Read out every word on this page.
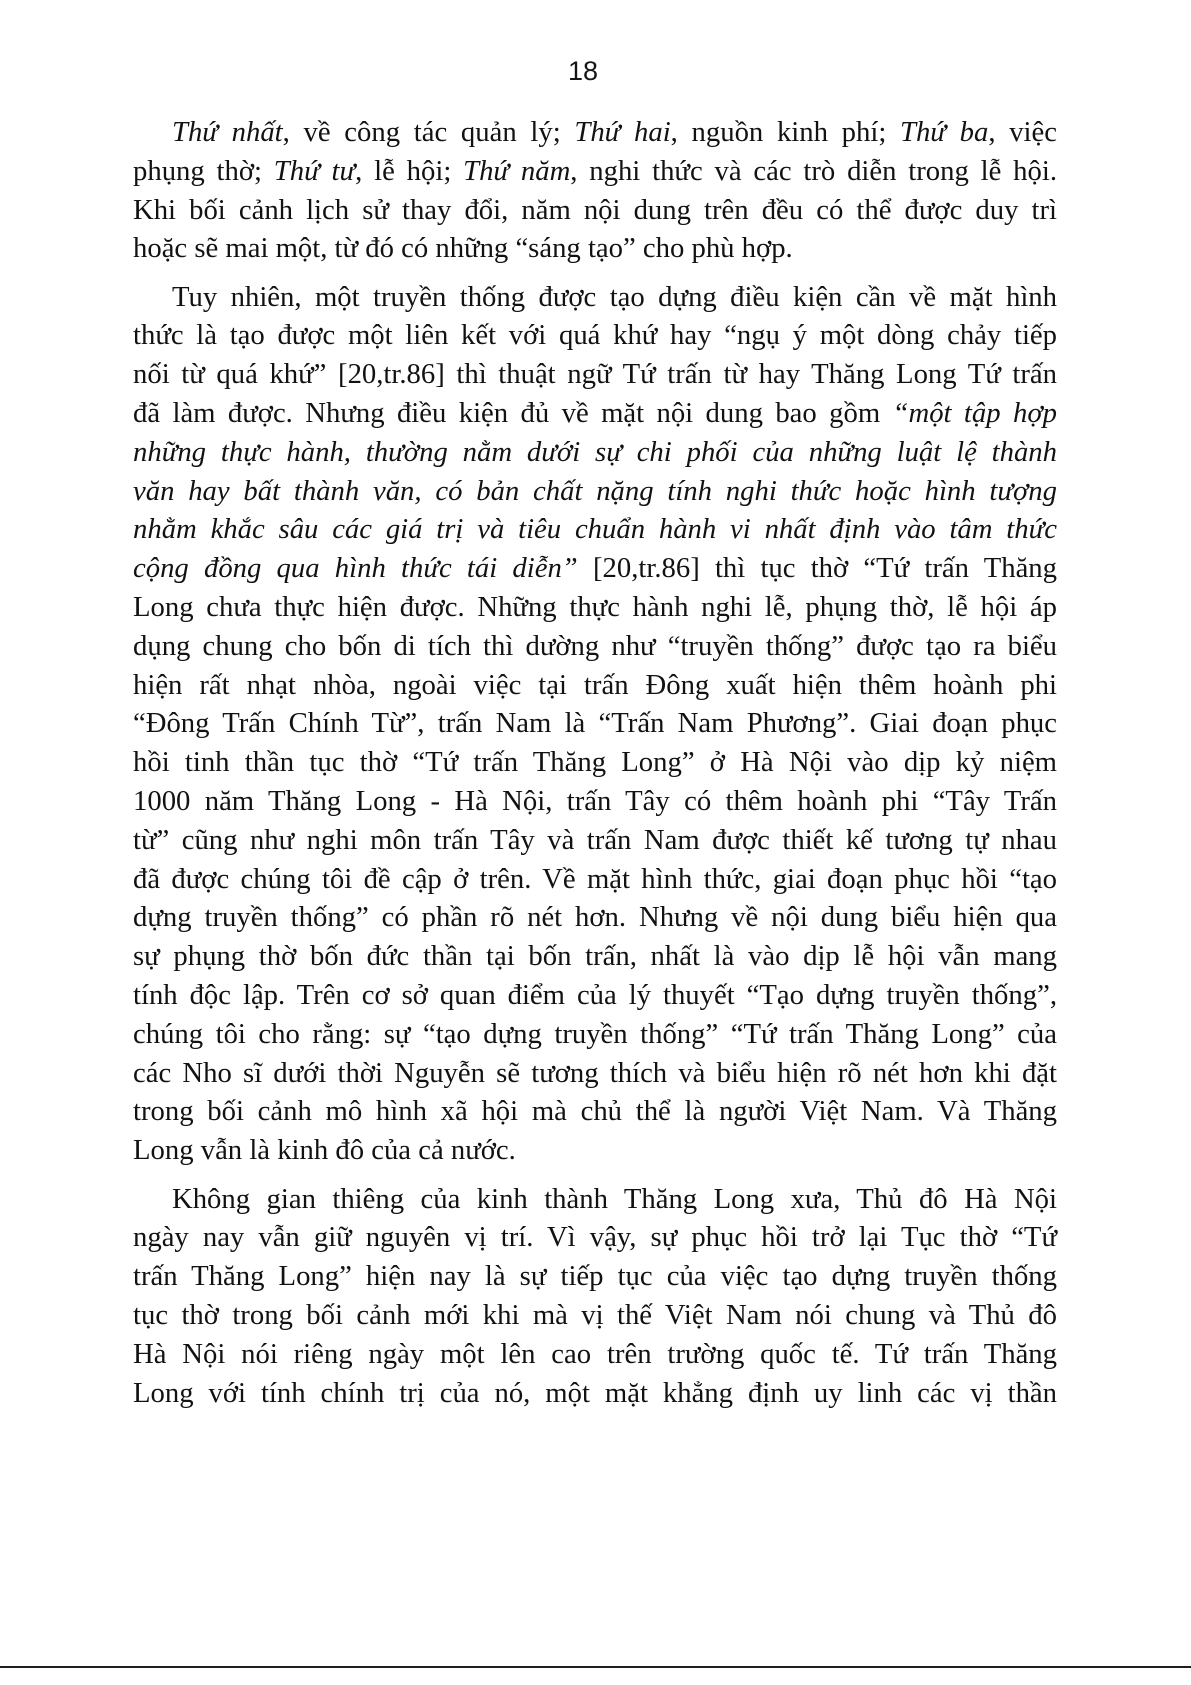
18
Thứ nhất, về công tác quản lý; Thứ hai, nguồn kinh phí; Thứ ba, việc
phụng thờ; Thứ tư, lễ hội; Thứ năm, nghi thức và các trò diễn trong lễ hội.
Khi bối cảnh lịch sử thay đổi, năm nội dung trên đều có thể được duy trì
hoặc sẽ mai một, từ đó có những “sáng tạo” cho phù hợp.
Tuy nhiên, một truyền thống được tạo dựng điều kiện cần về mặt hình
thức là tạo được một liên kết với quá khứ hay “ngụ ý một dòng chảy tiếp
nối từ quá khứ” [20,tr.86] thì thuật ngữ Tứ trấn từ hay Thăng Long Tứ trấn
đã làm được. Nhưng điều kiện đủ về mặt nội dung bao gồm “một tập hợp
những thực hành, thường nằm dưới sự chi phối của những luật lệ thành
văn hay bất thành văn, có bản chất nặng tính nghi thức hoặc hình tượng
nhằm khắc sâu các giá trị và tiêu chuẩn hành vi nhất định vào tâm thức
cộng đồng qua hình thức tái diễn” [20,tr.86] thì tục thờ “Tứ trấn Thăng
Long chưa thực hiện được. Những thực hành nghi lễ, phụng thờ, lễ hội áp
dụng chung cho bốn di tích thì dường như “truyền thống” được tạo ra biểu
hiện rất nhạt nhòa, ngoài việc tại trấn Đông xuất hiện thêm hoành phi
“Đông Trấn Chính Từ”, trấn Nam là “Trấn Nam Phương”. Giai đoạn phục
hồi tinh thần tục thờ “Tứ trấn Thăng Long” ở Hà Nội vào dịp kỷ niệm
1000 năm Thăng Long - Hà Nội, trấn Tây có thêm hoành phi “Tây Trấn
từ” cũng như nghi môn trấn Tây và trấn Nam được thiết kế tương tự nhau
đã được chúng tôi đề cập ở trên. Về mặt hình thức, giai đoạn phục hồi “tạo
dựng truyền thống” có phần rõ nét hơn. Nhưng về nội dung biểu hiện qua
sự phụng thờ bốn đức thần tại bốn trấn, nhất là vào dịp lễ hội vẫn mang
tính độc lập. Trên cơ sở quan điểm của lý thuyết “Tạo dựng truyền thống”,
chúng tôi cho rằng: sự “tạo dựng truyền thống” “Tứ trấn Thăng Long” của
các Nho sĩ dưới thời Nguyễn sẽ tương thích và biểu hiện rõ nét hơn khi đặt
trong bối cảnh mô hình xã hội mà chủ thể là người Việt Nam. Và Thăng
Long vẫn là kinh đô của cả nước.
Không gian thiêng của kinh thành Thăng Long xưa, Thủ đô Hà Nội
ngày nay vẫn giữ nguyên vị trí. Vì vậy, sự phục hồi trở lại Tục thờ “Tứ
trấn Thăng Long” hiện nay là sự tiếp tục của việc tạo dựng truyền thống
tục thờ trong bối cảnh mới khi mà vị thế Việt Nam nói chung và Thủ đô
Hà Nội nói riêng ngày một lên cao trên trường quốc tế. Tứ trấn Thăng
Long với tính chính trị của nó, một mặt khẳng định uy linh các vị thần
